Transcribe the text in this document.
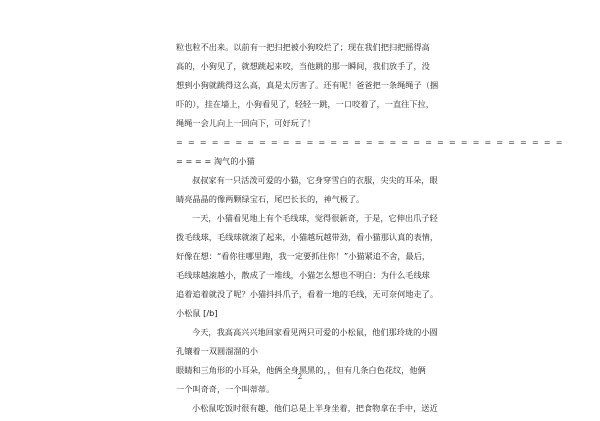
粒也粒不出来。以前有一把扫把被小狗咬烂了；现在我们把扫把摇得高
高的，小狗见了，就想跳起来咬，当他跳的那一瞬间，我们放手了，没
想到小狗就跳得这么高，真是太厉害了。还有呢！爸爸把一条绳绳子（捆
吓的），挂在墙上，小狗看见了，轻轻一跳，一口咬着了，一直往下拉，
绳绳一会儿向上一回向下，可好玩了！
= = = = = = = = = = = = = = = = = = = = = = = = = = = = = = = = =
= = = = 淘气的小猫
叔叔家有一只活泼可爱的小猫，它身穿雪白的衣服，尖尖的耳朵，眼
睛亮晶晶的像两颗绿宝石，尾巴长长的，神气极了。
一天，小猫看见地上有个毛线球，觉得很新奇，于是，它伸出爪子轻
拨毛线球，毛线球就滚了起来，小猫越玩越带劲，看小猫那认真的表情，
好像在想：“看你往哪里跑，我一定要抓住你！”小猫紧追不舍，最后，
毛线球越滚越小，散成了一堆线，小猫怎么想也不明白：为什么毛线球
追着追着就没了呢？小猫抖抖爪子，看着一地的毛线，无可奈何地走了。
小松鼠 [/b]
今天，我高高兴兴地回家看见两只可爱的小松鼠，他们那玲珑的小圆
孔镶着一双圆溜溜的小
眼睛和三角形的小耳朵，他俩全身黑黑的，，但有几条白色花纹，他俩
一个叫奇奇，一个叫蒂蒂。
小松鼠吃饭时很有趣，他们总是上半身坐着，把食物拿在手中，送近
2
